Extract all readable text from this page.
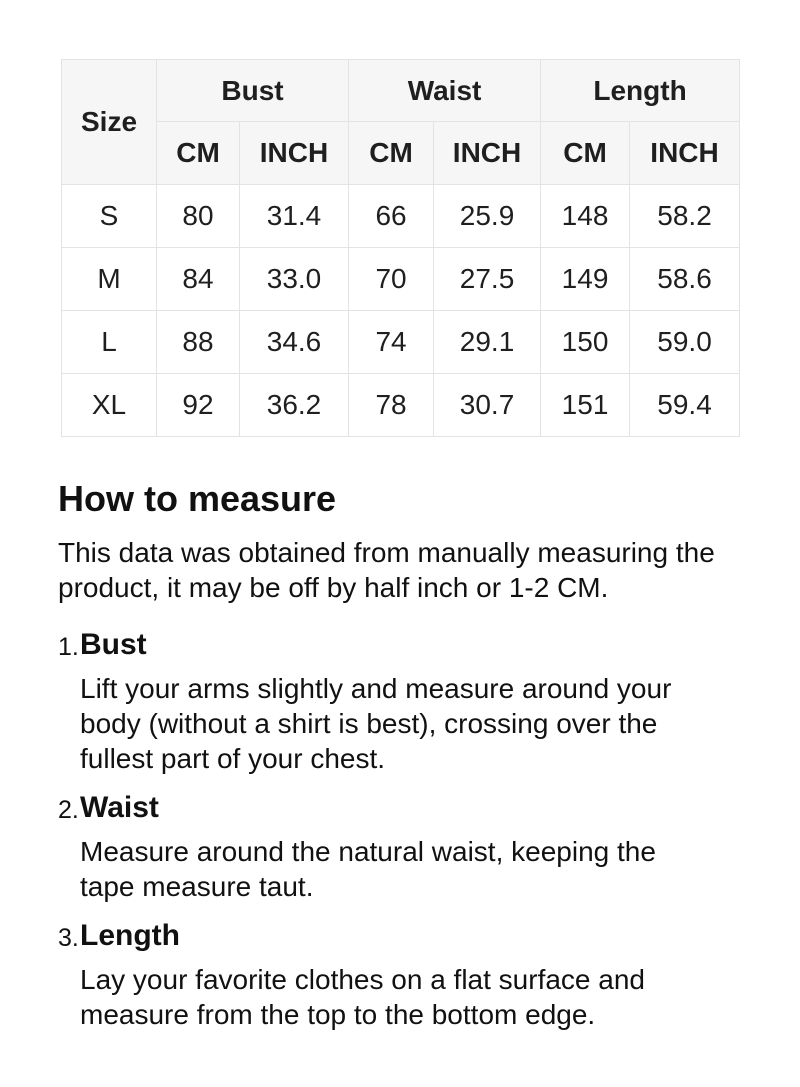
Size	Bust		Waist		Length	
	CM	INCH	CM	INCH	CM	INCH
S	80	31.4	66	25.9	148	58.2
M	84	33.0	70	27.5	149	58.6
L	88	34.6	74	29.1	150	59.0
XL	92	36.2	78	30.7	151	59.4
How to measure

This data was obtained from manually measuring the product, it may be off by half inch or 1-2 CM.

1. Bust
Lift your arms slightly and measure around your body (without a shirt is best), crossing over the fullest part of your chest.
2. Waist
Measure around the natural waist, keeping the tape measure taut.
3. Length
Lay your favorite clothes on a flat surface and measure from the top to the bottom edge.
